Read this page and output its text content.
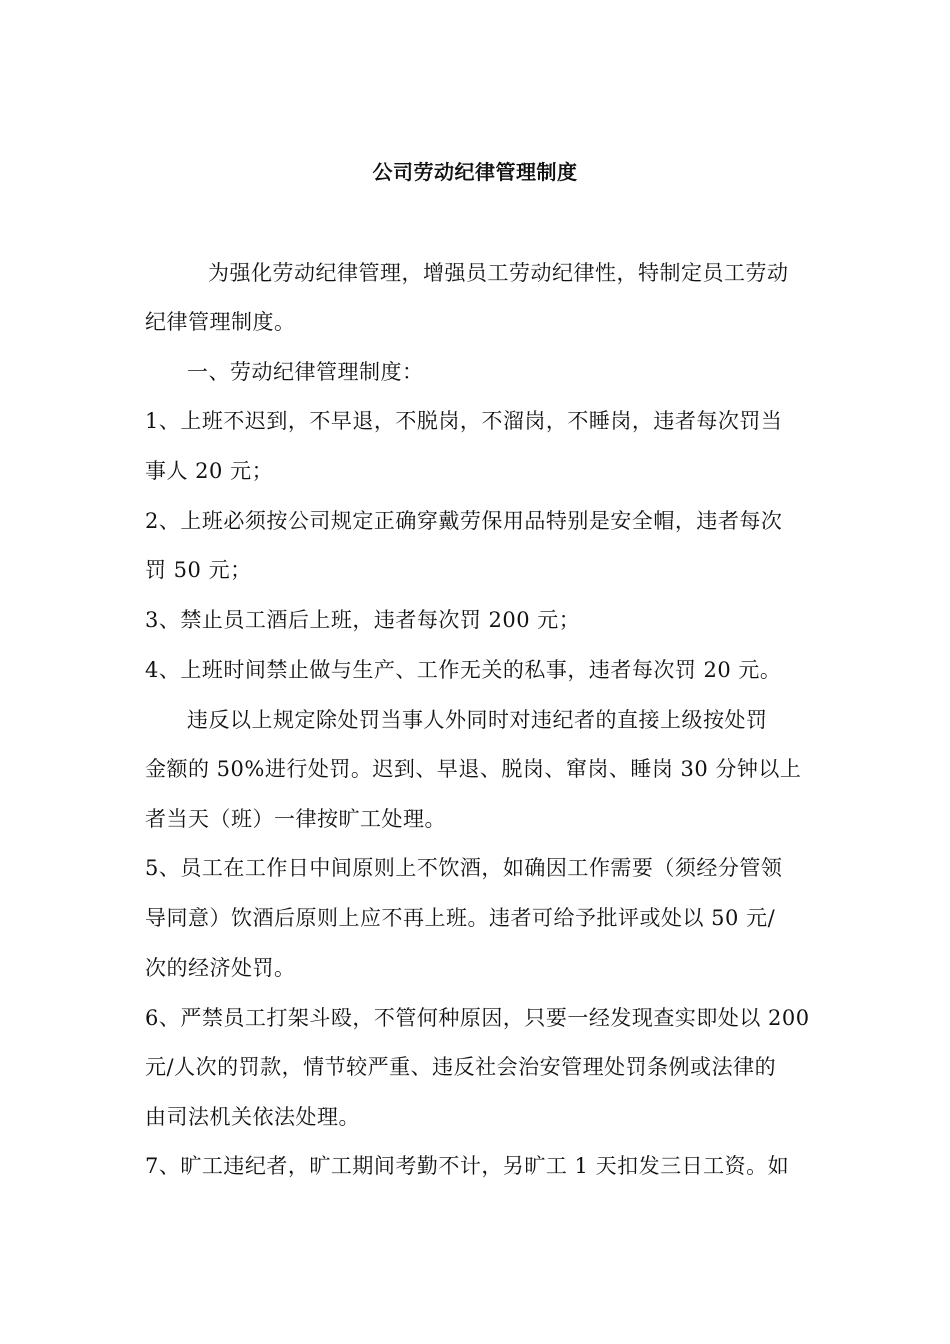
公司劳动纪律管理制度
为强化劳动纪律管理，增强员工劳动纪律性，特制定员工劳动
纪律管理制度。
一、劳动纪律管理制度：
1、上班不迟到，不早退，不脱岗，不溜岗，不睡岗，违者每次罚当
事人 20 元；
2、上班必须按公司规定正确穿戴劳保用品特别是安全帽，违者每次
罚 50 元；
3、禁止员工酒后上班，违者每次罚 200 元；
4、上班时间禁止做与生产、工作无关的私事，违者每次罚 20 元。
违反以上规定除处罚当事人外同时对违纪者的直接上级按处罚
金额的 50%进行处罚。迟到、早退、脱岗、窜岗、睡岗 30 分钟以上
者当天（班）一律按旷工处理。
5、员工在工作日中间原则上不饮酒，如确因工作需要（须经分管领
导同意）饮酒后原则上应不再上班。违者可给予批评或处以 50 元/
次的经济处罚。
6、严禁员工打架斗殴，不管何种原因，只要一经发现查实即处以 200
元/人次的罚款，情节较严重、违反社会治安管理处罚条例或法律的
由司法机关依法处理。
7、旷工违纪者，旷工期间考勤不计，另旷工 1 天扣发三日工资。如
